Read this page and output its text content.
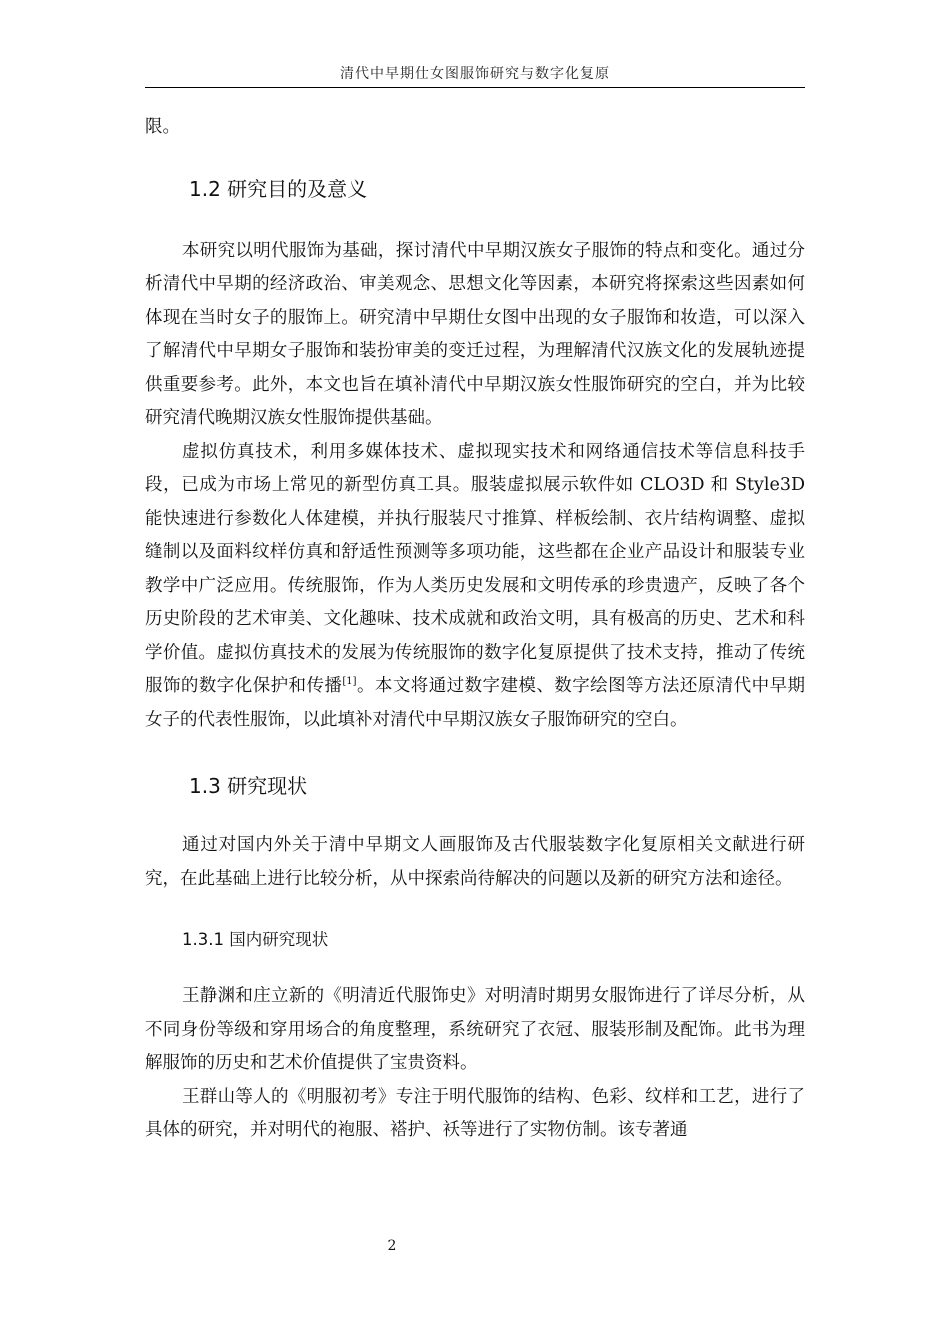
清代中早期仕女图服饰研究与数字化复原

限。

1.2 研究目的及意义

本研究以明代服饰为基础，探讨清代中早期汉族女子服饰的特点和变化。通过分析清代中早期的经济政治、审美观念、思想文化等因素，本研究将探索这些因素如何体现在当时女子的服饰上。研究清中早期仕女图中出现的女子服饰和妆造，可以深入了解清代中早期女子服饰和装扮审美的变迁过程，为理解清代汉族文化的发展轨迹提供重要参考。此外，本文也旨在填补清代中早期汉族女性服饰研究的空白，并为比较研究清代晚期汉族女性服饰提供基础。

虚拟仿真技术，利用多媒体技术、虚拟现实技术和网络通信技术等信息科技手段，已成为市场上常见的新型仿真工具。服装虚拟展示软件如 CLO3D 和 Style3D 能快速进行参数化人体建模，并执行服装尺寸推算、样板绘制、衣片结构调整、虚拟缝制以及面料纹样仿真和舒适性预测等多项功能，这些都在企业产品设计和服装专业教学中广泛应用。传统服饰，作为人类历史发展和文明传承的珍贵遗产，反映了各个历史阶段的艺术审美、文化趣味、技术成就和政治文明，具有极高的历史、艺术和科学价值。虚拟仿真技术的发展为传统服饰的数字化复原提供了技术支持，推动了传统服饰的数字化保护和传播[1]。本文将通过数字建模、数字绘图等方法还原清代中早期女子的代表性服饰，以此填补对清代中早期汉族女子服饰研究的空白。

1.3 研究现状

通过对国内外关于清中早期文人画服饰及古代服装数字化复原相关文献进行研究，在此基础上进行比较分析，从中探索尚待解决的问题以及新的研究方法和途径。

1.3.1 国内研究现状

王静渊和庄立新的《明清近代服饰史》对明清时期男女服饰进行了详尽分析，从不同身份等级和穿用场合的角度整理，系统研究了衣冠、服装形制及配饰。此书为理解服饰的历史和艺术价值提供了宝贵资料。

王群山等人的《明服初考》专注于明代服饰的结构、色彩、纹样和工艺，进行了具体的研究，并对明代的袍服、褡护、袄等进行了实物仿制。该专著通

2
